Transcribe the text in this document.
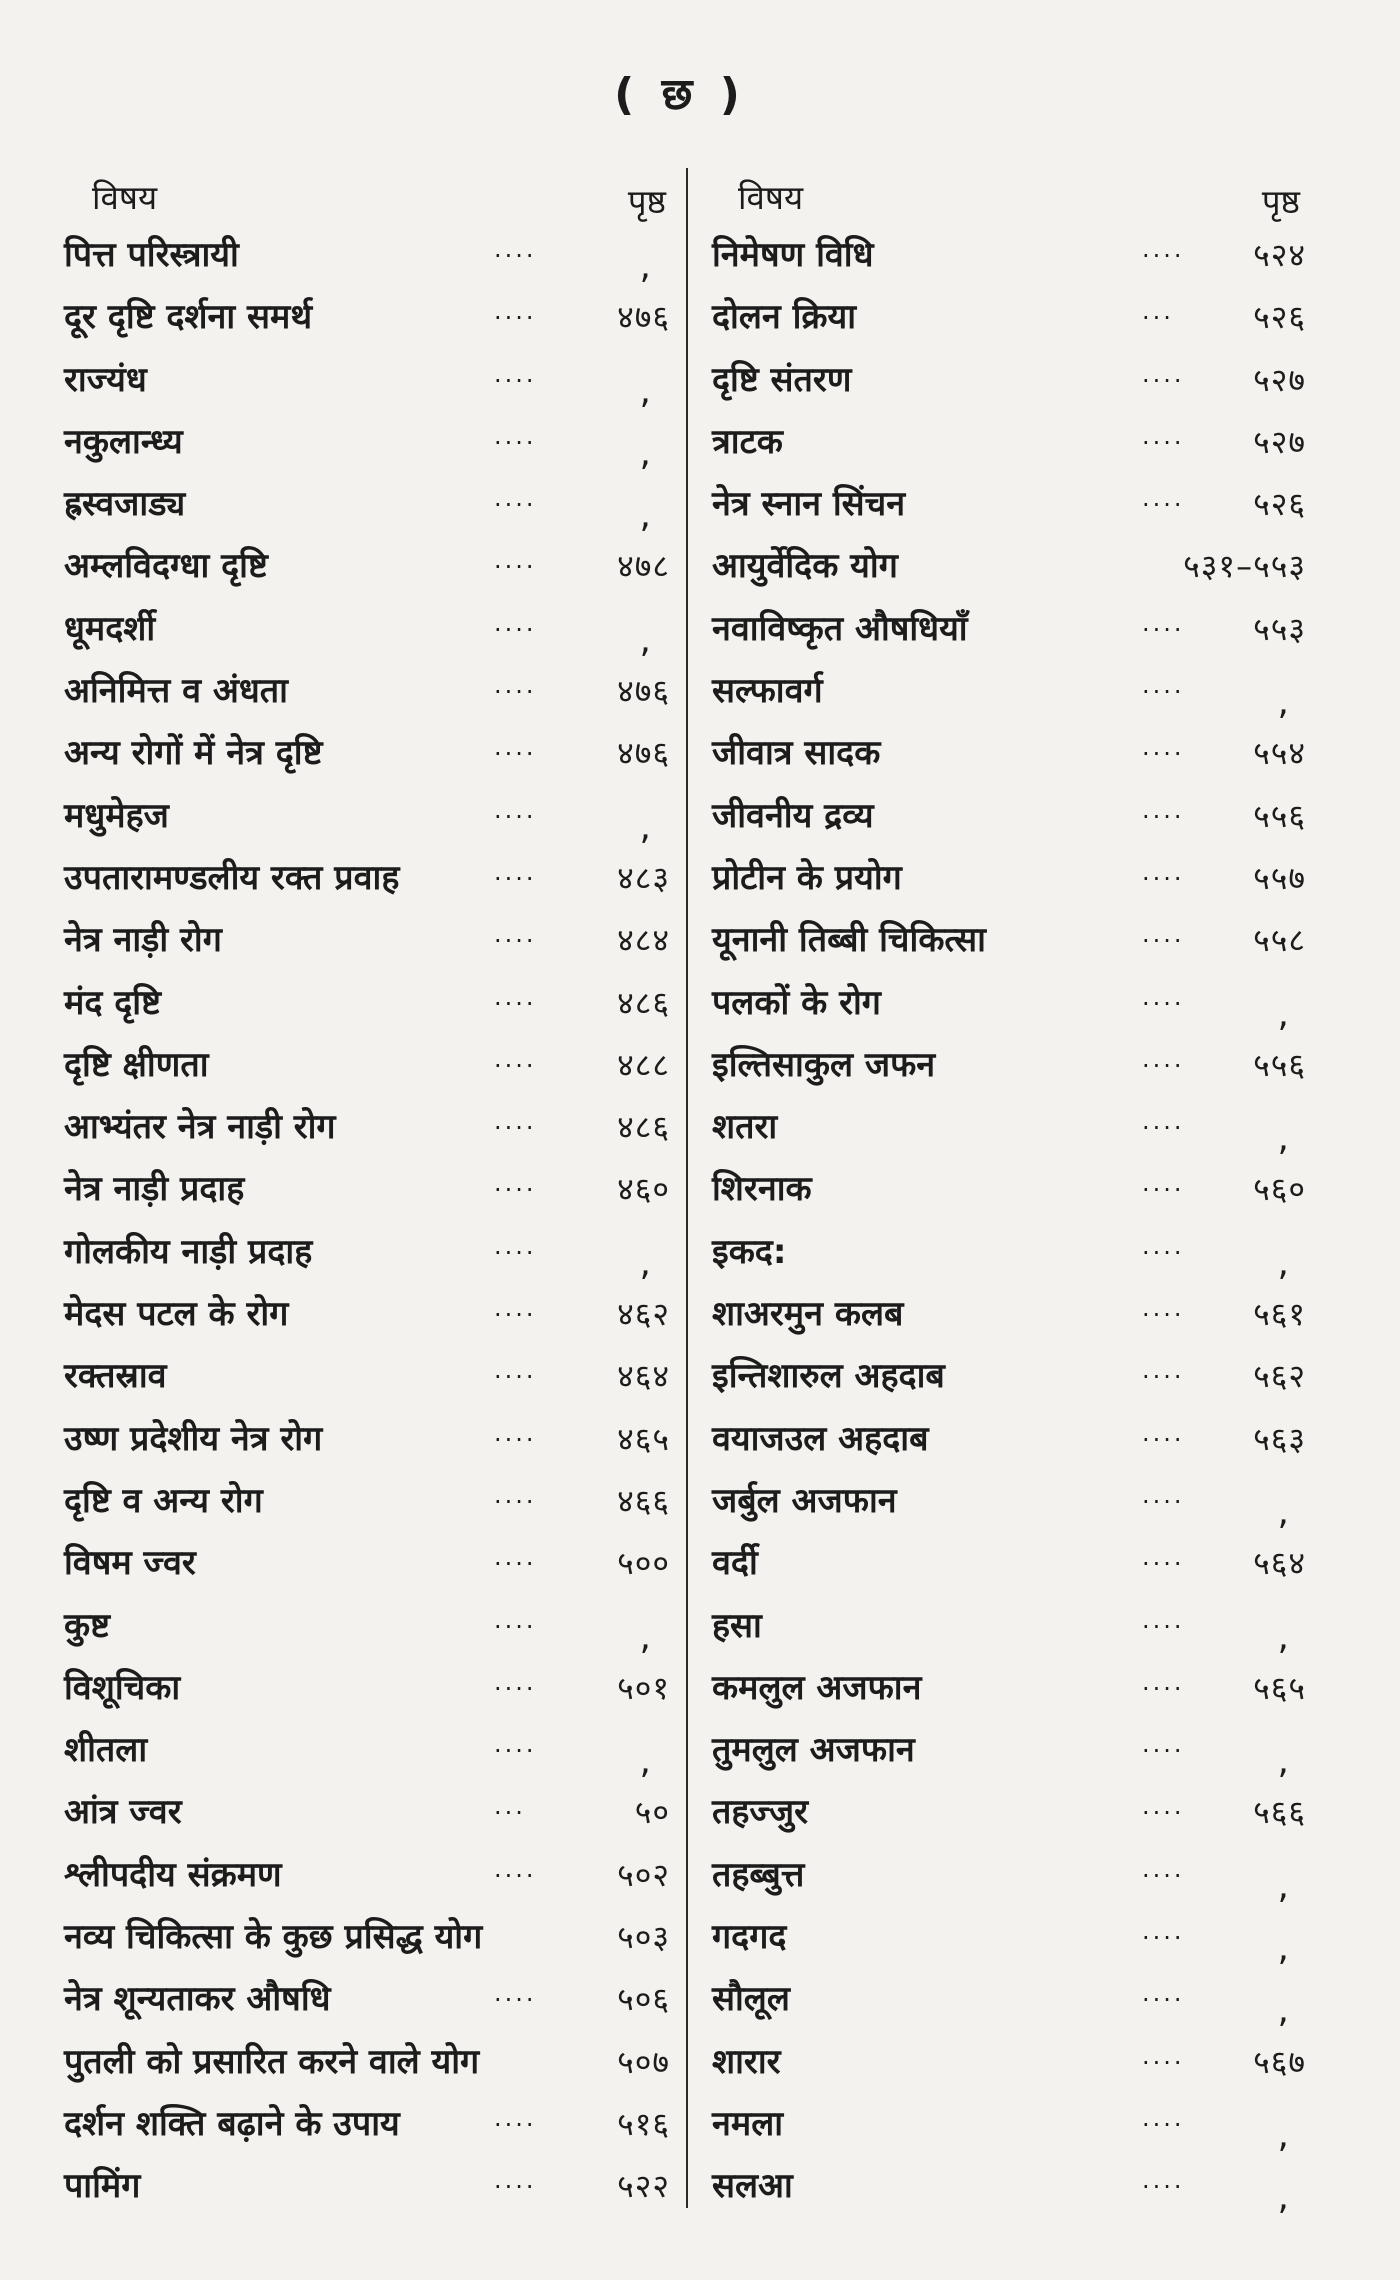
( छ )
विषय	पृष्ठ
पित्त परिस्त्रायी	....	,
दूर दृष्टि दर्शना समर्थ	....	४७६
राज्यंध	....	,
नकुलान्ध्य	....	,
ह्रस्वजाड्य	....	,
अम्लविदग्धा दृष्टि	....	४७८
धूमदर्शी	....	,
अनिमित्त व अंधता	....	४७६
अन्य रोगों में नेत्र दृष्टि	....	४७६
मधुमेहज	....	,
उपतारामण्डलीय रक्त प्रवाह	....	४८३
नेत्र नाड़ी रोग	....	४८४
मंद दृष्टि	....	४८६
दृष्टि क्षीणता	....	४८८
आभ्यंतर नेत्र नाड़ी रोग	....	४८६
नेत्र नाड़ी प्रदाह	....	४६०
गोलकीय नाड़ी प्रदाह	....	,
मेदस पटल के रोग	....	४६२
रक्तस्राव	....	४६४
उष्ण प्रदेशीय नेत्र रोग	....	४६५
दृष्टि व अन्य रोग	....	४६६
विषम ज्वर	....	५००
कुष्ट	....	,
विशूचिका	....	५०१
शीतला	....	,
आंत्र ज्वर	...	५०
श्लीपदीय संक्रमण	....	५०२
नव्य चिकित्सा के कुछ प्रसिद्ध योग	५०३
नेत्र शून्यताकर औषधि	....	५०६
पुतली को प्रसारित करने वाले योग	५०७
दर्शन शक्ति बढ़ाने के उपाय	....	५१६
पामिंग	....	५२२
विषय	पृष्ठ
निमेषण विधि	.... ५२४
दोलन क्रिया	... ५२६
दृष्टि संतरण	.... ५२७
त्राटक	.... ५२७
नेत्र स्नान सिंचन	.... ५२६
आयुर्वेदिक योग	५३१–५५३
नवाविष्कृत औषधियाँ	.... ५५३
सल्फावर्ग	....	,
जीवात्र सादक	.... ५५४
जीवनीय द्रव्य	.... ५५६
प्रोटीन के प्रयोग	.... ५५७
यूनानी तिब्बी चिकित्सा	.... ५५८
पलकों के रोग	....	,
इल्तिसाकुल जफन	.... ५५६
शतरा	....	,
शिरनाक	.... ५६०
इकद:	....	,
शाअरमुन कलब	.... ५६१
इन्तिशारुल अहदाब	.... ५६२
वयाजउल अहदाब	.... ५६३
जर्बुल अजफान	....	,
वर्दी	.... ५६४
हसा	....	,
कमलुल अजफान	.... ५६५
तुमलुल अजफान	....	,
तहज्जुर	.... ५६६
तहब्बुत्त	....	,
गदगद	....	,
सौलूल	....	,
शारार	.... ५६७
नमला	....	,
सलआ	....	,
